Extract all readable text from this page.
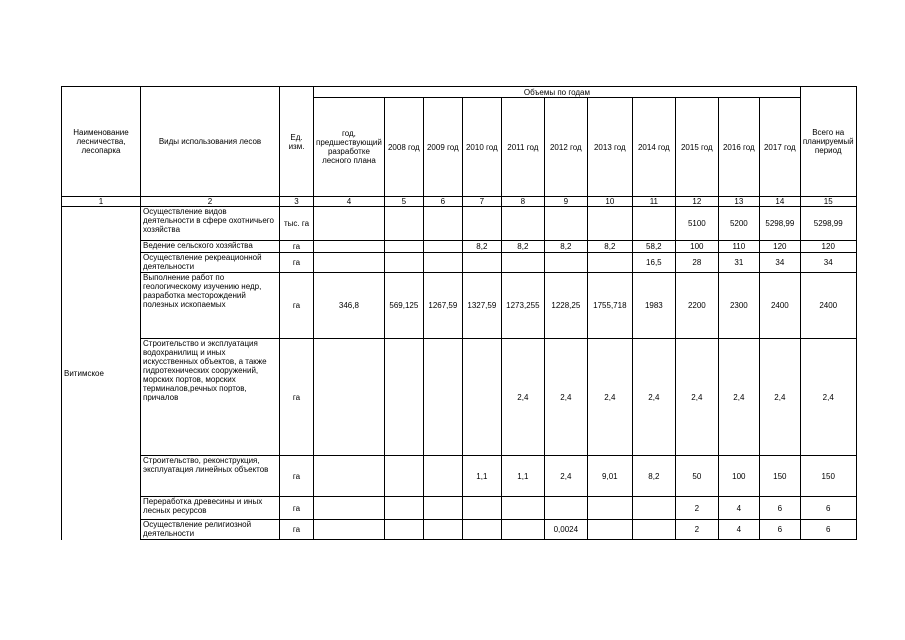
Наименование лесничества, лесопарка	Виды использования лесов	Ед. изм.	Объемы по годам											Всего на планируемый период
			год, предшествующий разработке лесного плана	2008 год	2009 год	2010 год	2011 год	2012 год	2013 год	2014 год	2015 год	2016 год	2017 год	
1	2	3	4	5	6	7	8	9	10	11	12	13	14	15
Витимское	Осуществление видов деятельности в сфере охотничьего хозяйства	тыс. га									5100	5200	5298,99	5298,99
	Ведение сельского хозяйства	га				8,2	8,2	8,2	8,2	58,2	100	110	120	120
	Осуществление рекреационной деятельности	га								16,5	28	31	34	34
	Выполнение работ по геологическому изучению недр, разработка месторождений полезных ископаемых	га	346,8	569,125	1267,59	1327,59	1273,255	1228,25	1755,718	1983	2200	2300	2400	2400
	Строительство и эксплуатация водохранилищ и иных искусственных объектов, а также гидротехнических сооружений, морских портов, морских терминалов,речных портов, причалов	га					2,4	2,4	2,4	2,4	2,4	2,4	2,4	2,4
	Строительство, реконструкция, эксплуатация линейных объектов	га				1,1	1,1	2,4	9,01	8,2	50	100	150	150
	Переработка древесины и иных лесных ресурсов	га									2	4	6	6
	Осуществление религиозной деятельности	га						0,0024			2	4	6	6
